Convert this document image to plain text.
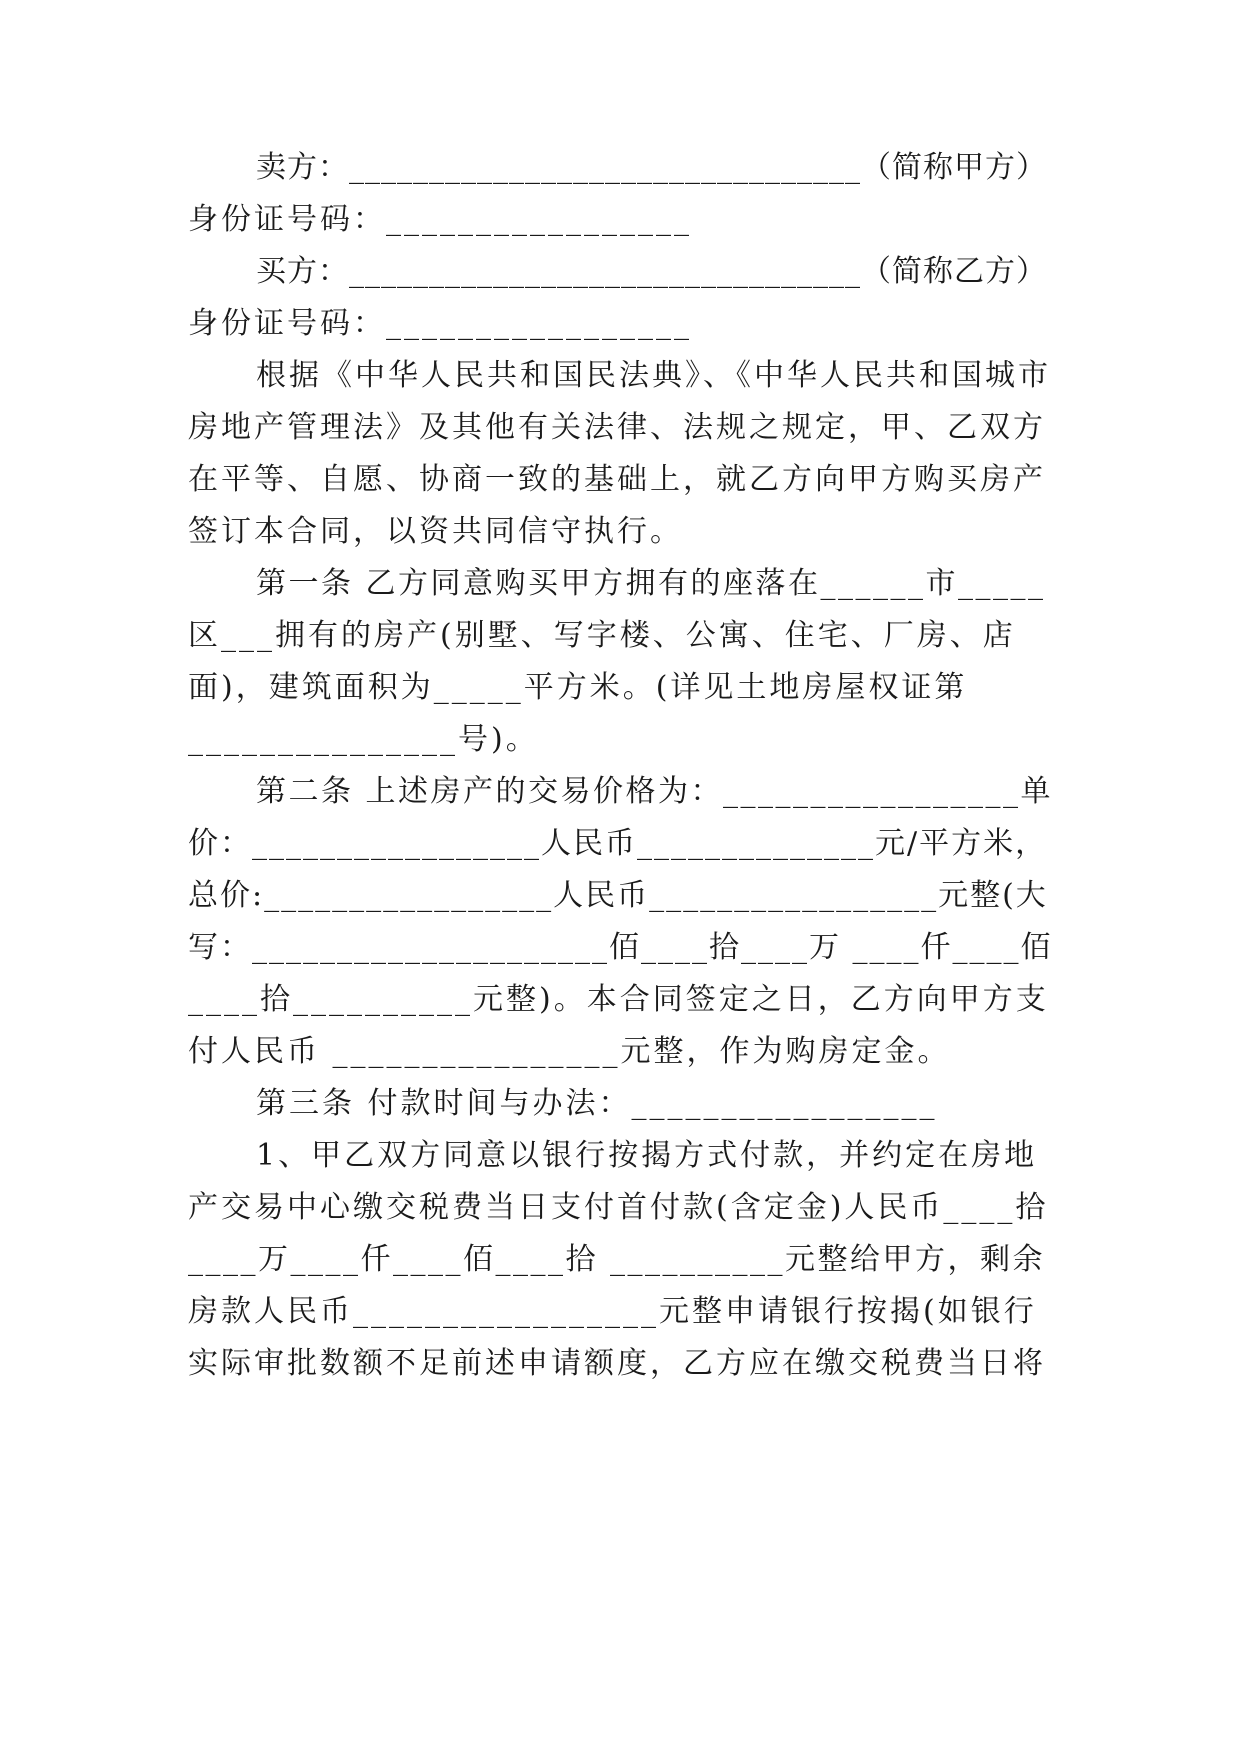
卖方：________________________________（简称甲方）
身份证号码：_________________
买方：________________________________（简称乙方）
身份证号码：_________________
根据《中华人民共和国民法典》、《中华人民共和国城市
房地产管理法》及其他有关法律、法规之规定，甲、乙双方
在平等、自愿、协商一致的基础上，就乙方向甲方购买房产
签订本合同，以资共同信守执行。
第一条 乙方同意购买甲方拥有的座落在______市_____
区___拥有的房产(别墅、写字楼、公寓、住宅、厂房、店
面)，建筑面积为_____平方米。(详见土地房屋权证第
_______________号)。
第二条 上述房产的交易价格为：_________________单
价：_________________人民币______________元/平方米，
总价:_________________人民币_________________元整(大
写：_____________________佰____拾____万 ____仟____佰
____拾__________元整)。本合同签定之日，乙方向甲方支
付人民币 ________________元整，作为购房定金。
第三条 付款时间与办法：_________________
1、甲乙双方同意以银行按揭方式付款，并约定在房地
产交易中心缴交税费当日支付首付款(含定金)人民币____拾
____万____仟____佰____拾 __________元整给甲方，剩余
房款人民币_________________元整申请银行按揭(如银行
实际审批数额不足前述申请额度，乙方应在缴交税费当日将
